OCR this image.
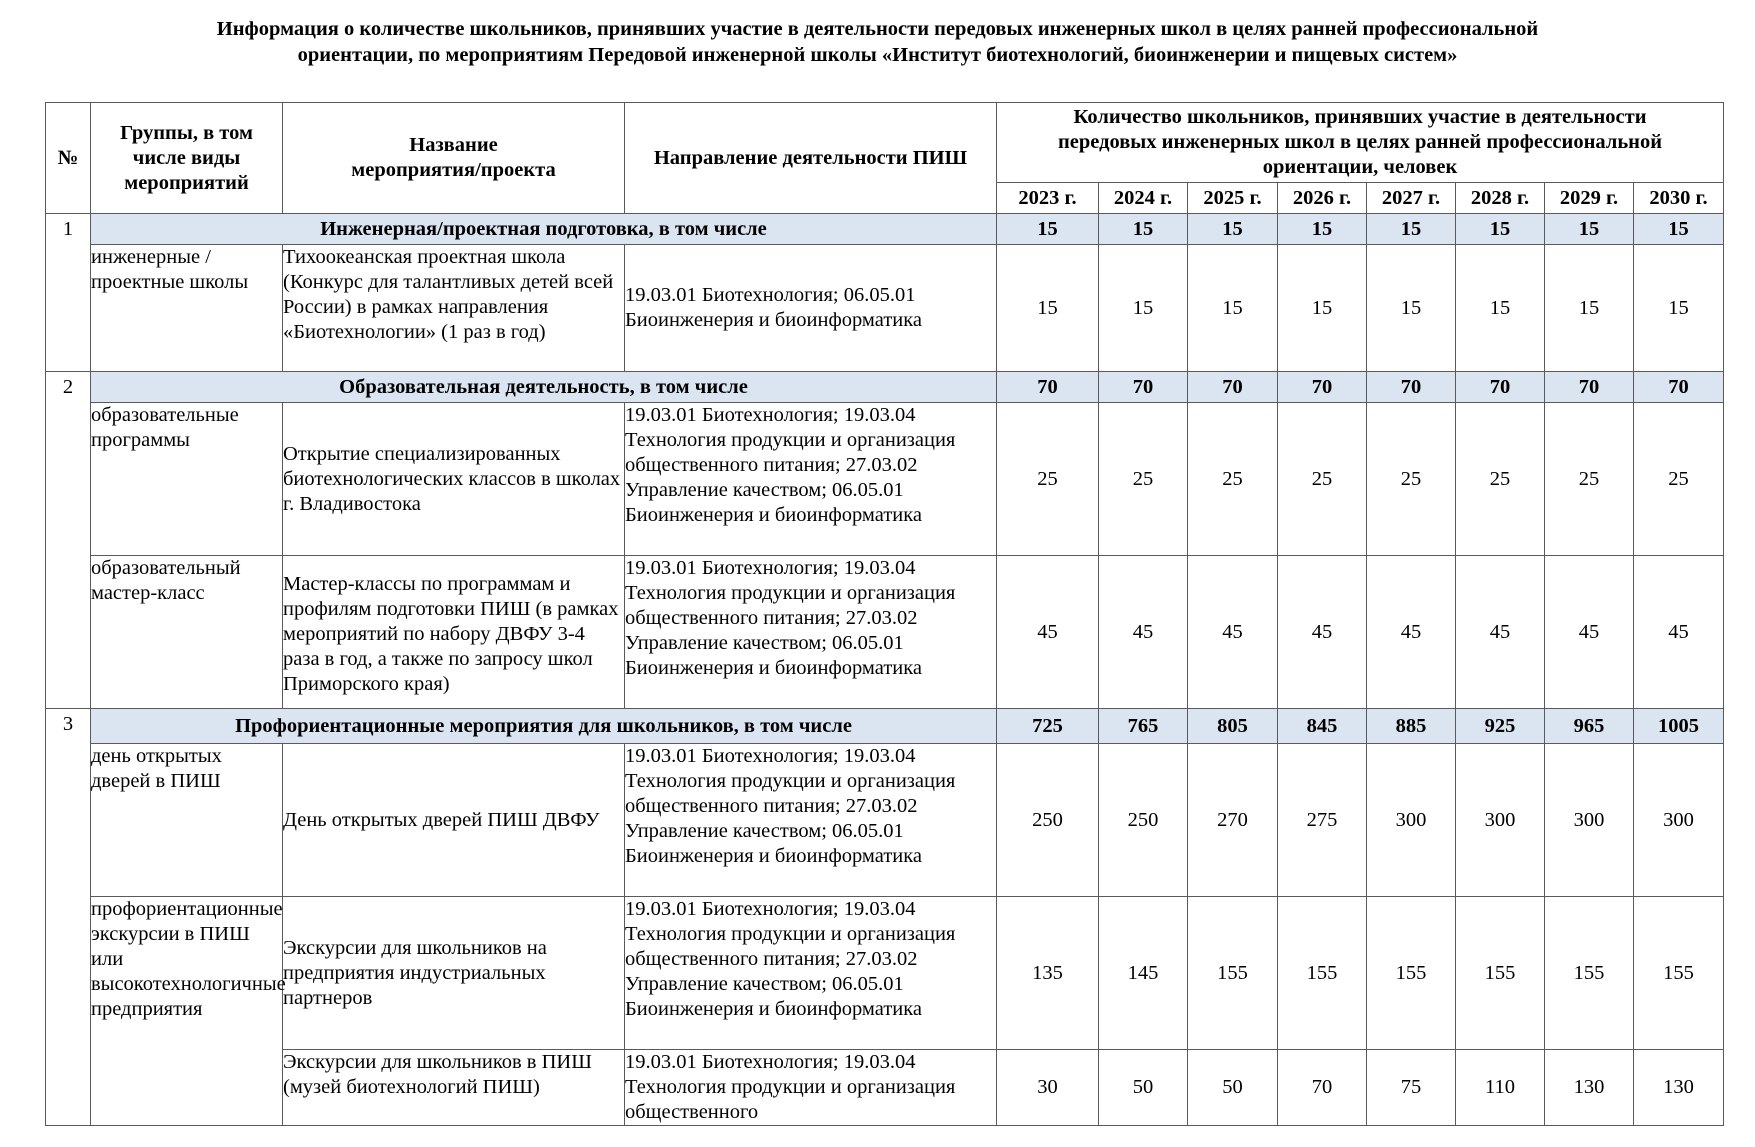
Информация о количестве школьников, принявших участие в деятельности передовых инженерных школ в целях ранней профессиональной
ориентации, по мероприятиям Передовой инженерной школы «Институт биотехнологий, биоинженерии и пищевых систем»
№	Группы, в том числе виды мероприятий	Название мероприятия/проекта	Направление деятельности ПИШ	Количество школьников, принявших участие в деятельности передовых инженерных школ в целях ранней профессиональной ориентации, человек							
				2023 г.	2024 г.	2025 г.	2026 г.	2027 г.	2028 г.	2029 г.	2030 г.
1	Инженерная/проектная подготовка, в том числе			15	15	15	15	15	15	15	15
	инженерные /проектные школы	Тихоокеанская проектная школа (Конкурс для талантливых детей всей России) в рамках направления «Биотехнологии» (1 раз в год)	19.03.01 Биотехнология; 06.05.01 Биоинженерия и биоинформатика	15	15	15	15	15	15	15	15
2	Образовательная деятельность, в том числе			70	70	70	70	70	70	70	70
	образовательные программы	Открытие специализированных биотехнологических классов в школах г. Владивостока	19.03.01 Биотехнология; 19.03.04 Технология продукции и организация общественного питания; 27.03.02 Управление качеством; 06.05.01 Биоинженерия и биоинформатика	25	25	25	25	25	25	25	25
	образовательный мастер-класс	Мастер-классы по программам и профилям подготовки ПИШ (в рамках мероприятий по набору ДВФУ 3-4 раза в год, а также по запросу школ Приморского края)	19.03.01 Биотехнология; 19.03.04 Технология продукции и организация общественного питания; 27.03.02 Управление качеством; 06.05.01 Биоинженерия и биоинформатика	45	45	45	45	45	45	45	45
3	Профориентационные мероприятия для школьников, в том числе			725	765	805	845	885	925	965	1005
	день открытых дверей в ПИШ	День открытых дверей ПИШ ДВФУ	19.03.01 Биотехнология; 19.03.04 Технология продукции и организация общественного питания; 27.03.02 Управление качеством; 06.05.01 Биоинженерия и биоинформатика	250	250	270	275	300	300	300	300
	профориентационные экскурсии в ПИШ или высокотехнологичные предприятия	Экскурсии для школьников на предприятия индустриальных партнеров	19.03.01 Биотехнология; 19.03.04 Технология продукции и организация общественного питания; 27.03.02 Управление качеством; 06.05.01 Биоинженерия и биоинформатика	135	145	155	155	155	155	155	155
		Экскурсии для школьников в ПИШ (музей биотехнологий ПИШ)	19.03.01 Биотехнология; 19.03.04 Технология продукции и организация общественного	30	50	50	70	75	110	130	130
